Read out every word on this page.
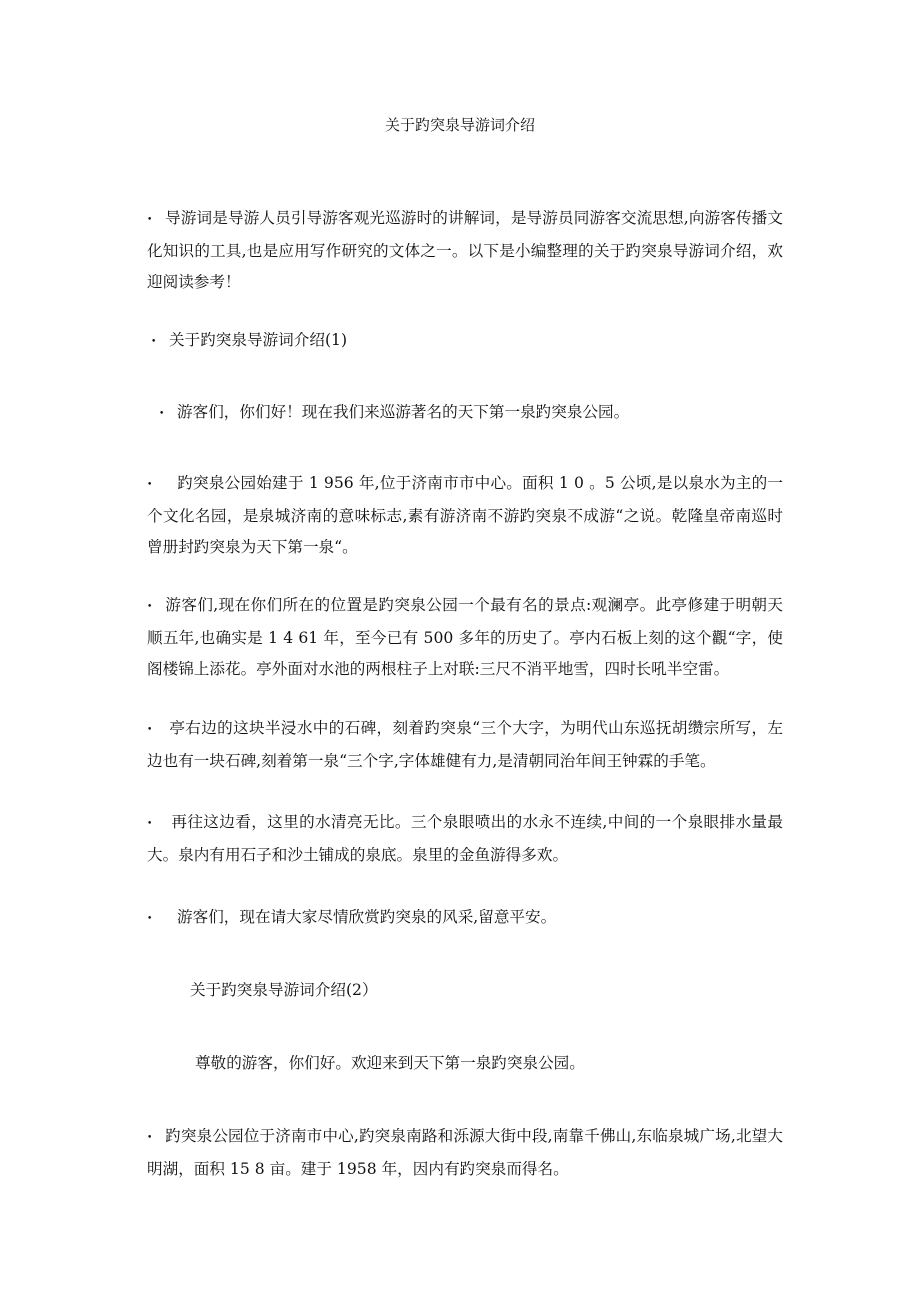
关于趵突泉导游词介绍
• 导游词是导游人员引导游客观光巡游时的讲解词，是导游员同游客交流思想,向游客传播文化知识的工具,也是应用写作研究的文体之一。以下是小编整理的关于趵突泉导游词介绍，欢迎阅读参考！
• 关于趵突泉导游词介绍(1)
• 游客们，你们好！现在我们来巡游著名的天下第一泉趵突泉公园。
• 趵突泉公园始建于 1 956 年,位于济南市市中心。面积 1 0 。5 公顷,是以泉水为主的一个文化名园，是泉城济南的意味标志,素有游济南不游趵突泉不成游“之说。乾隆皇帝南巡时曾册封趵突泉为天下第一泉“。
• 游客们,现在你们所在的位置是趵突泉公园一个最有名的景点:观澜亭。此亭修建于明朝天顺五年,也确实是 1 4 61 年，至今已有 500 多年的历史了。亭内石板上刻的这个觀“字，使阁楼锦上添花。亭外面对水池的两根柱子上对联:三尺不消平地雪，四时长吼半空雷。
• 亭右边的这块半浸水中的石碑，刻着趵突泉“三个大字，为明代山东巡抚胡缵宗所写，左边也有一块石碑,刻着第一泉“三个字,字体雄健有力,是清朝同治年间王钟霖的手笔。
• 再往这边看，这里的水清亮无比。三个泉眼喷出的水永不连续,中间的一个泉眼排水量最大。泉内有用石子和沙土铺成的泉底。泉里的金鱼游得多欢。
• 游客们，现在请大家尽情欣赏趵突泉的风采,留意平安。
关于趵突泉导游词介绍(2）
尊敬的游客，你们好。欢迎来到天下第一泉趵突泉公园。
• 趵突泉公园位于济南市中心,趵突泉南路和泺源大街中段,南靠千佛山,东临泉城广场,北望大明湖，面积 15 8 亩。建于 1958 年，因内有趵突泉而得名。
